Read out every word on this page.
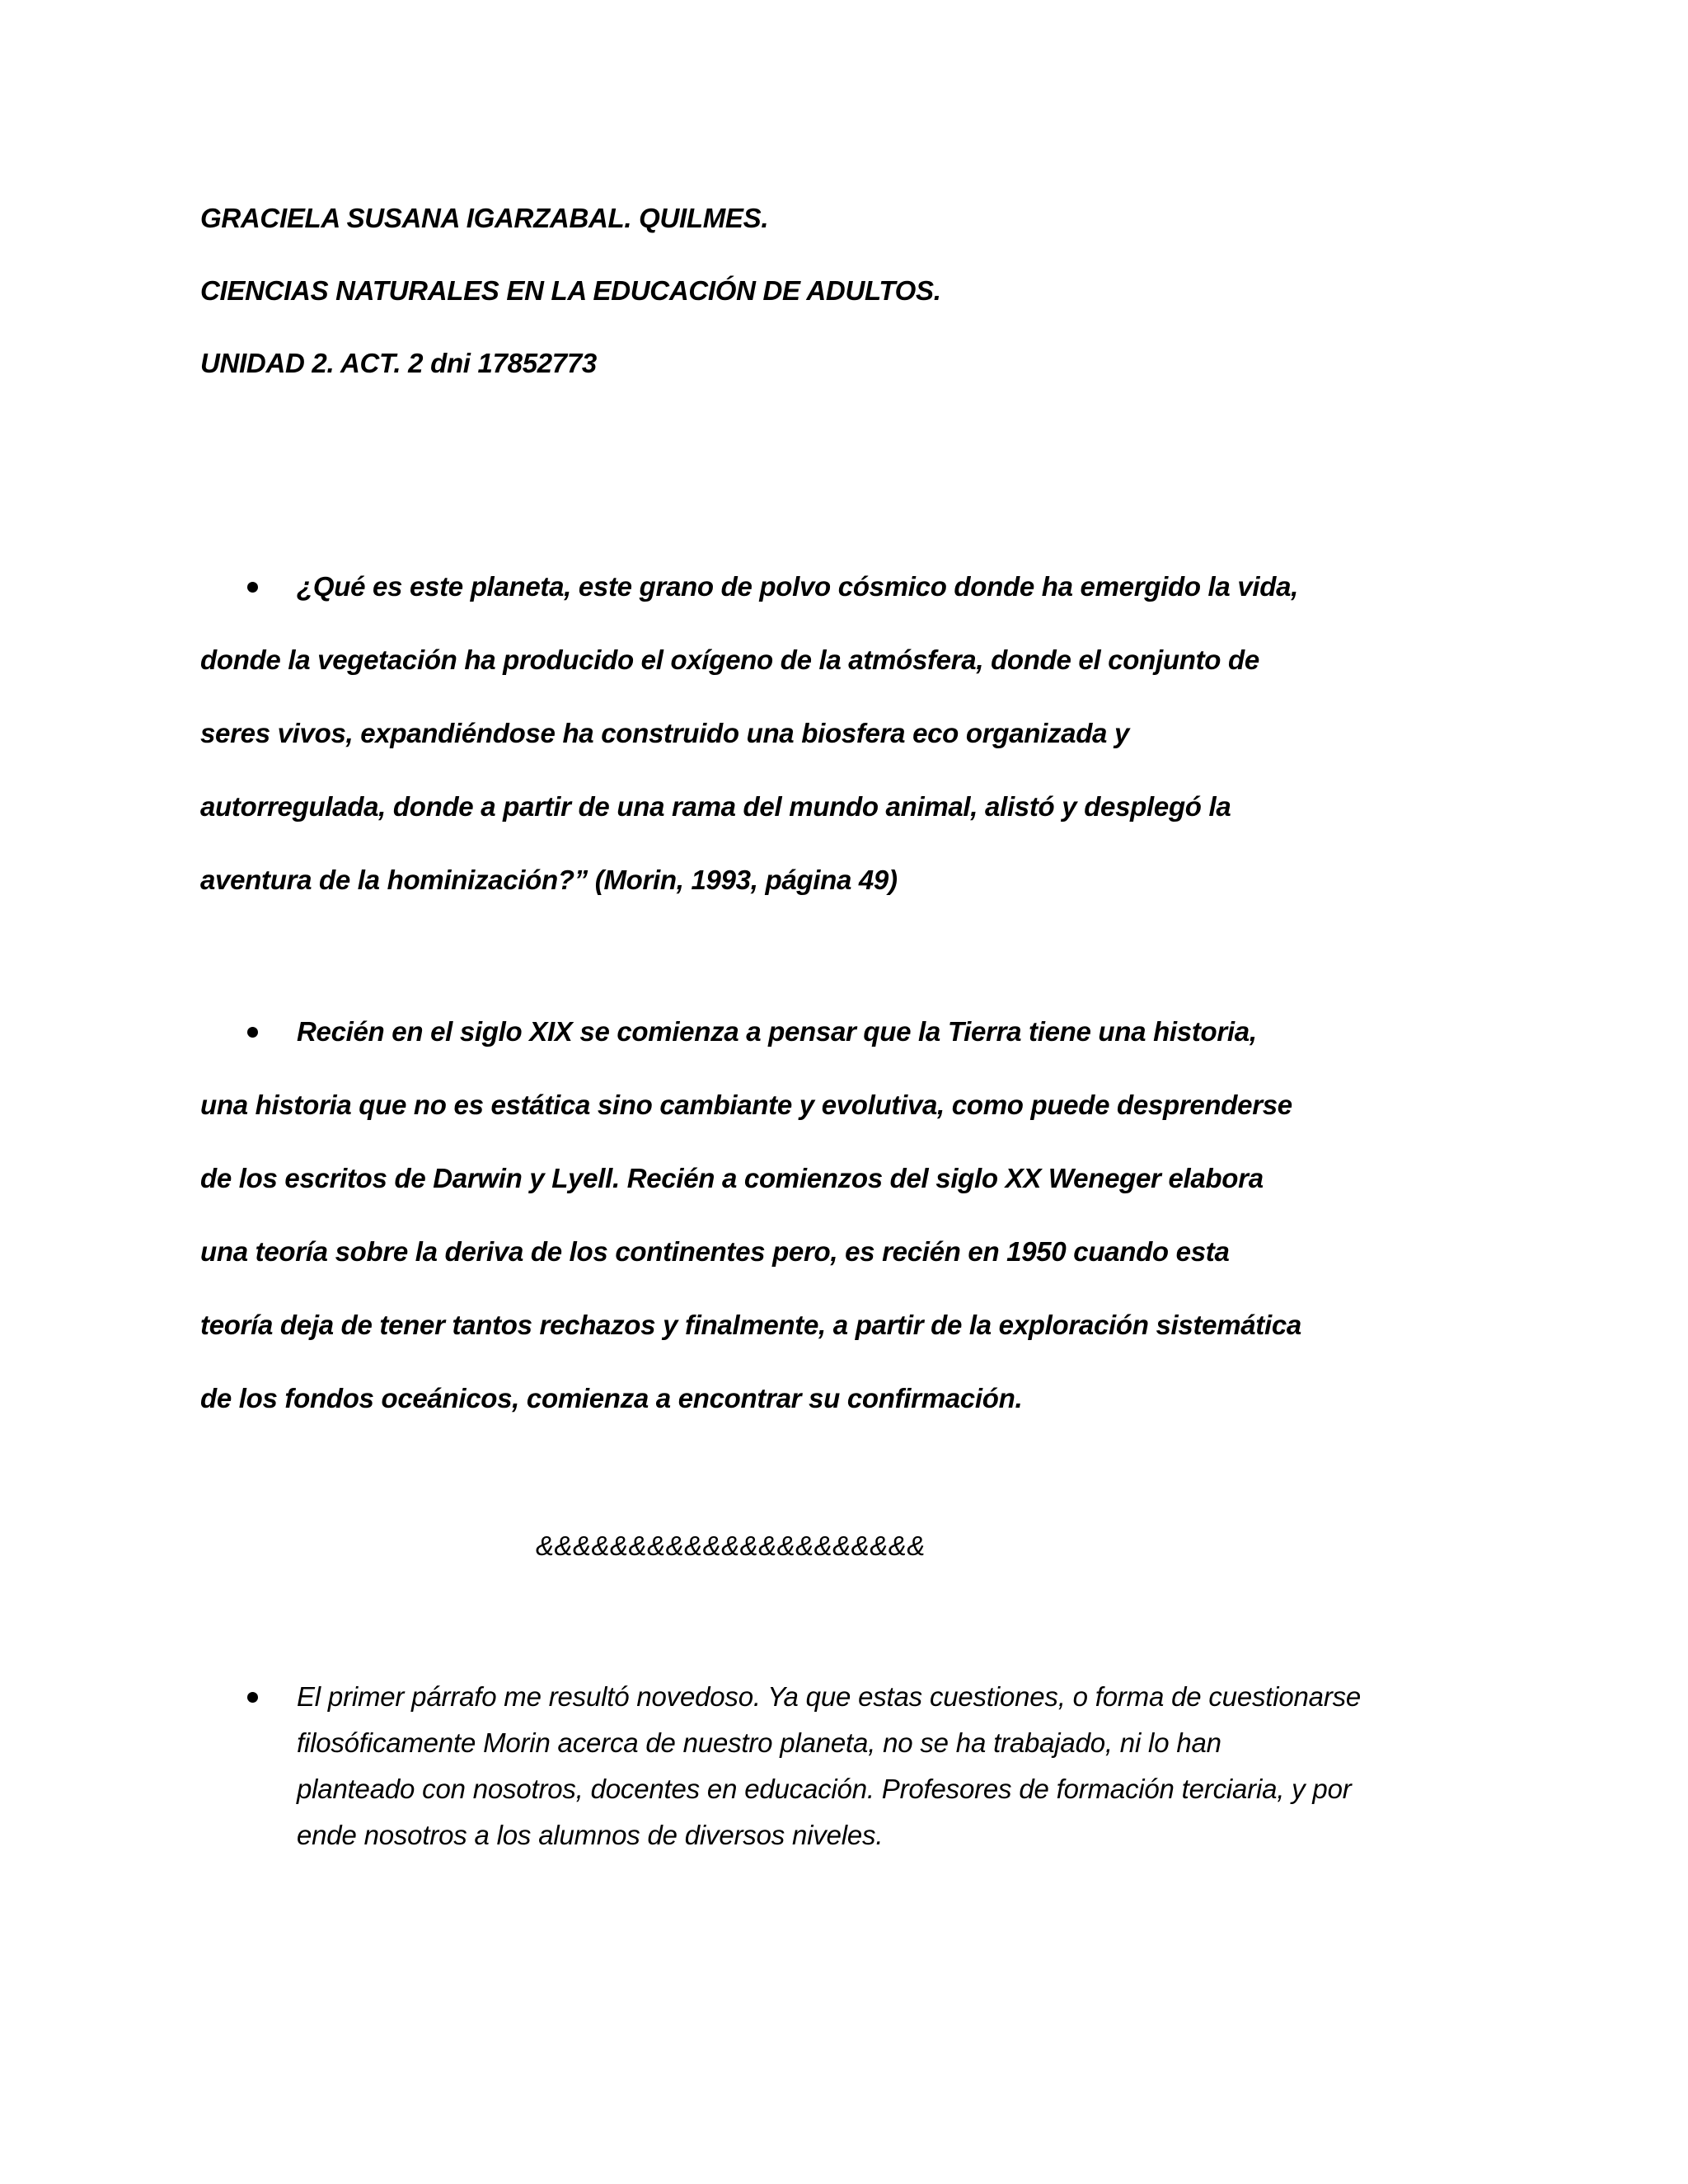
GRACIELA SUSANA IGARZABAL. QUILMES.
CIENCIAS NATURALES EN LA EDUCACIÓN DE ADULTOS.
UNIDAD 2. ACT. 2 dni 17852773
¿Qué es este planeta, este grano de polvo cósmico donde ha emergido la vida,
donde la vegetación ha producido el oxígeno de la atmósfera, donde el conjunto de
seres vivos, expandiéndose ha construido una biosfera eco organizada y
autorregulada, donde a partir de una rama del mundo animal, alistó y desplegó la
aventura de la hominización?” (Morin, 1993, página 49)
Recién en el siglo XIX se comienza a pensar que la Tierra tiene una historia,
una historia que no es estática sino cambiante y evolutiva, como puede desprenderse
de los escritos de Darwin y Lyell. Recién a comienzos del siglo XX Weneger elabora
una teoría sobre la deriva de los continentes pero, es recién en 1950 cuando esta
teoría deja de tener tantos rechazos y finalmente, a partir de la exploración sistemática
de los fondos oceánicos, comienza a encontrar su confirmación.
&&&&&&&&&&&&&&&&&&&&&
El primer párrafo me resultó novedoso. Ya que estas cuestiones, o forma de cuestionarse
filosóficamente Morin acerca de nuestro planeta, no se ha trabajado, ni lo han
planteado con nosotros, docentes en educación. Profesores de formación terciaria, y por
ende nosotros a los alumnos de diversos niveles.
